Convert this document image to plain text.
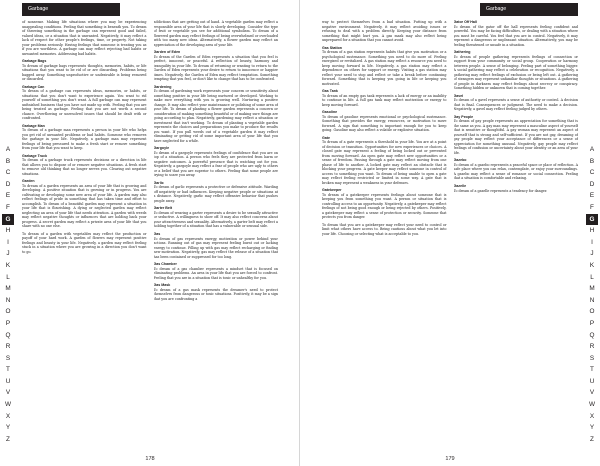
Garbage
A
B
C
D
E
F
G
H
I
J
K
L
M
N
O
P
Q
R
S
T
U
V
W
X
Y
Z

of nonsense. Making life situations where you may be experiencing unappealing conditions. Feeling that something is beneath you. To dream of throwing something in the garbage can represent good and failed, valued ideas, or a situation that is unwanted. Negatively, it may reflect a lack of respect for other people's feelings, time, or property. Not taking your problems seriously. Having feelings that someone is treating you as if you are worthless. A garbage can may reflect rejecting bad habits or unwanted memories. Addressing bad habits.

Garbage Bags

To dream of garbage bags represents thoughts, memories, habits, or life situations that you want to be rid of or are discarding. Problems being bagged away. Something unproductive or undesirable is being removed or discarded.

Garbage Can

To dream of a garbage can represents ideas, memories, or habits, or situations that you don't want to experience again. You want to rid yourself of something you don't want. A full garbage can may represent unfinished business that you have not made up with. Feeling that you are being treated as garbage. Feeling that you are not worth a second chance. Overflowing or unresolved issues that should be dealt with or confronted.

Garbage Man

To dream of a garbage man represents a person in your life who helps you get rid of unwanted problems or bad habits. Someone who removes the garbage in your life. Negatively, a garbage man may represent feelings of being pressured to make a fresh start or remove something from your life that you want to keep.

Garbage Truck

To dream of a garbage truck represents decisions or a direction in life that allows you to dispose of or remove negative situations. A fresh start to remove old thinking that no longer serves you. Clearing out negative situations.

Garden

To dream of a garden represents an area of your life that is growing and developing. A positive situation that is growing or in progress. You are cultivating or developing some new area of your life. A garden may also reflect feelings of pride in something that has taken time and effort to accomplish. To dream of a beautiful garden may represent a situation in your life that is flourishing. A dying or neglected garden may reflect neglecting an area of your life that needs attention. A garden with weeds may reflect negative thoughts or influences that are holding back your progress. A secret garden may reflect a private area of your life that you share with no one else.

To dream of a garden with vegetables may reflect the production or payoff of your hard work. A garden of flowers may represent positive feelings and beauty in your life. Negatively, a garden may reflect feeling stuck in a situation where you are growing in a direction you don't want to go.

addictions that are getting out of hand. A vegetable garden may reflect a responsible area of your life that is slowly developing. Consider the type of fruit or vegetable you see for additional symbolism. To dream of a flowered garden may reflect feelings of being overwhelmed or overloaded with too many new ideas. Alternatively, a flower garden may reflect an appreciation of the developing area of your life.

Garden of Eden

To dream of the Garden of Eden represents a situation that you feel is perfect, innocent, or peaceful. A reflection of beauty, harmony and tranquility in your life. To dream of returning or wanting to return to the Garden of Eden represents your desire to return to innocence or happier times. Negatively, the Garden of Eden may reflect temptation. Something tempting that you feel, or don't like to change that has to be confronted.

Gardening

To dream of gardening work represents your concern or sensitivity about something positive in your life being nurtured or developed. Working to make sure everything with you is growing well. Nurturing a positive change. It may also reflect your maintenance or polishing of some area of your life. To dream of planting a flower garden represents a concern or consideration of making something beautiful or of making sure things are going according to plan. Negatively, gardening may reflect a situation or investment that isn't working. To dream of planting a vegetable garden represents the choices and preparations you make to produce the results you want. If you pull weeds out of a vegetable garden it may reflect eliminating or getting rid of some important area of your life that you have neglected for a while.

Gargoyle

To dream of a gargoyle represents feelings of confidence that you are on top of a situation. A person who feels they are protected from harm or negative outcomes. A powerful presence that is watching out for you. Negatively, a gargoyle may reflect a fear of people who are ugly to others or a belief that you are superior to others. Feeling that some people are trying to scare you away.

Garlic

To dream of garlic represents a protective or defensive attitude. Warding off negativity or bad influences. Keeping negative people or situations at a distance. Negatively, garlic may reflect offensive behavior that pushes people away.

Garter Belt

To dream of wearing a garter represents a desire to be sexually attractive or seductive. A willingness to show off. It may also reflect concerns about your attractiveness and sexuality. Alternatively, a garter belt may reflect a holding together of a situation that has a vulnerable or sensual side.

Gas

To dream of gas represents energy, motivation or power behind your actions. Running out of gas may represent feeling burnt out or lacking energy to continue. Filling up with gas may reflect recharging or finding new motivation. Negatively, gas may reflect the release of a situation that has been contained or suppressed for too long.

Gas Chamber

To dream of a gas chamber represents a mindset that is focused on eliminating problems. An area in your life that you are forced to confront. Feeling that you are in a situation that is toxic or unhealthy for you.

Gas Mask

To dream of a gas mask represents the dreamer's need to protect themselves from dangerous or toxic situations. Positively, it may be a sign that you are confronting a

178
Garbage
A
B
C
D
E
F
G
H
I
J
K
L
M
N
O
P
Q
R
S
T
U
V
W
X
Y
Z

way to protect themselves from a bad situation. Putting up with a negative environment. Negatively, it may reflect avoiding issues or refusing to deal with a problem directly. Keeping your distance from something that might hurt you. A gas mask may also reflect being unprepared for a situation that you cannot avoid.

Gas Station

To dream of a gas station represents habits that give you motivation or a psychological sustenance. Something you need to do more of. Feeling energized or revitalized. A gas station may reflect a resource you need to keep moving forward in life. Negatively, a gas station may reflect a dependence on others for support or energy. Visiting a gas station may reflect your need to stop and reflect or take a break before continuing forward. Something that is keeping you going in life or keeping you motivated.

Gas Tank

To dream of an empty gas tank represents a lack of energy or an inability to continue in life. A full gas tank may reflect motivation or energy to keep moving forward.

Gasoline

To dream of gasoline represents emotional or psychological sustenance. Something that provides the energy, resources, or motivation to move forward. A sign that something is important enough for you to keep going. Gasoline may also reflect a volatile or explosive situation.

Gate

To dream of a gate represents a threshold in your life. You are at a point of decision or transition. Opportunities for new experiences or choices. A closed gate may represent a feeling of being locked out or prevented from moving forward. An open gate may reflect new opportunities or a sense of freedom. Passing through a gate may reflect moving from one phase of life to another. A locked gate may reflect an obstacle that is blocking your progress. A gate keeper may reflect someone in control of access to something you want. To dream of being unable to open a gate may reflect feeling restricted or limited in some way. A gate that is broken may represent a weakness in your defenses.

Gatekeeper

To dream of a gatekeeper represents feelings about someone that is keeping you from something you want. A person or situation that is controlling access to an opportunity. Negatively, a gatekeeper may reflect feelings of not being good enough or being rejected by others. Positively, a gatekeeper may reflect a sense of protection or security. Someone that protects you from danger.

To dream that you are a gatekeeper may reflect your need to control or limit what others have access to. Being cautious about what you let into your life. Choosing or selecting what is acceptable to you.

Gator Off Hall

To dream of the gator off the hall represents feeling confident and powerful. You may be facing difficulties, or dealing with a situation where you must be careful. You feel that you are in control. Negatively, it may represent a dangerous or unpleasant situation. Alternatively, you may be feeling threatened or unsafe in a situation.

Gathering

To dream of people gathering represents feelings of connection or support from your community or social group. Cooperation or harmony between people. A sense of belonging. Feeling part of something bigger. A social gathering may reflect a celebration or recognition. Negatively, a gathering may reflect feelings of exclusion or being left out. A gathering of strangers may represent unfamiliar thoughts or situations. A gathering of people in darkness may reflect feelings about secrecy or conspiracy. Something hidden or unknown that is coming together.

Gavel

To dream of a gavel represents a sense of authority or control. A decision that is final. Consequences or judgment. The need to make a decision. Negatively, a gavel may reflect feeling judged by others.

Gay People

To dream of gay people represents an appreciation for something that is the same as you. A gay man may represent a masculine aspect of yourself that is sensitive or thoughtful. A gay woman may represent an aspect of yourself that is strong and self-sufficient. If you are not gay, dreaming of gay people may reflect your acceptance of differences or a sense of appreciation for something unusual. Negatively, gay people may reflect feelings of confusion or uncertainty about your identity or an area of your life.

Gazebo

To dream of a gazebo represents a peaceful space or place of reflection. A safe place where you can relax, contemplate, or enjoy your surroundings. A gazebo may reflect a sense of romance or social connection. Feeling that a situation is comfortable and relaxing.

Gazelle

To dream of a gazelle represents a tendency for danger.

179
